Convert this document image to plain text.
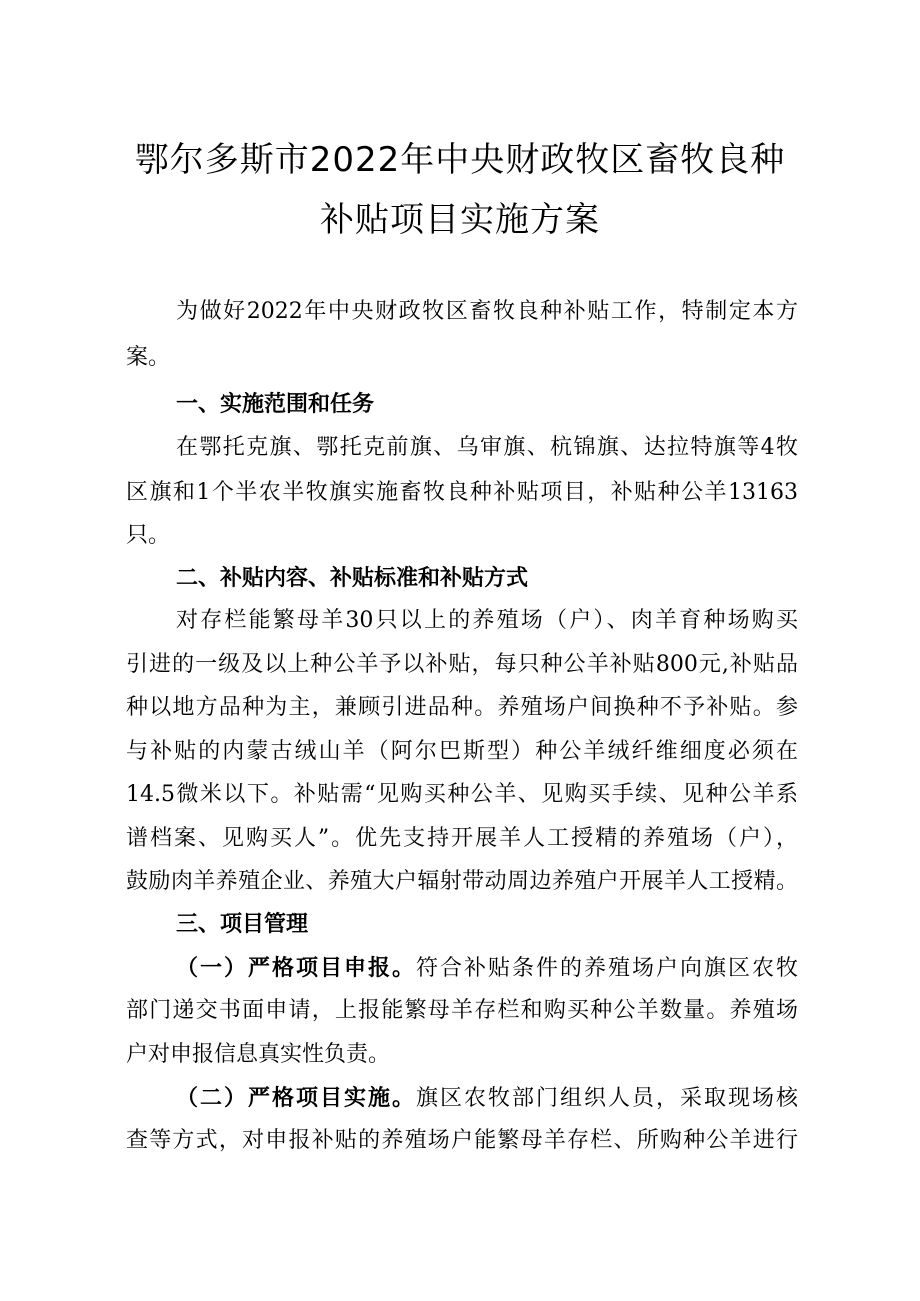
鄂尔多斯市2022年中央财政牧区畜牧良种
补贴项目实施方案

为做好2022年中央财政牧区畜牧良种补贴工作，特制定本方

案。

一、实施范围和任务

在鄂托克旗、鄂托克前旗、乌审旗、杭锦旗、达拉特旗等4牧

区旗和1个半农半牧旗实施畜牧良种补贴项目，补贴种公羊13163

只。

二、补贴内容、补贴标准和补贴方式

对存栏能繁母羊30只以上的养殖场（户）、肉羊育种场购买

引进的一级及以上种公羊予以补贴，每只种公羊补贴800元,补贴品

种以地方品种为主，兼顾引进品种。养殖场户间换种不予补贴。参

与补贴的内蒙古绒山羊（阿尔巴斯型）种公羊绒纤维细度必须在

14.5微米以下。补贴需“见购买种公羊、见购买手续、见种公羊系

谱档案、见购买人”。优先支持开展羊人工授精的养殖场（户），

鼓励肉羊养殖企业、养殖大户辐射带动周边养殖户开展羊人工授精。

三、项目管理

（一）严格项目申报。符合补贴条件的养殖场户向旗区农牧

部门递交书面申请，上报能繁母羊存栏和购买种公羊数量。养殖场

户对申报信息真实性负责。

（二）严格项目实施。旗区农牧部门组织人员，采取现场核

查等方式，对申报补贴的养殖场户能繁母羊存栏、所购种公羊进行
